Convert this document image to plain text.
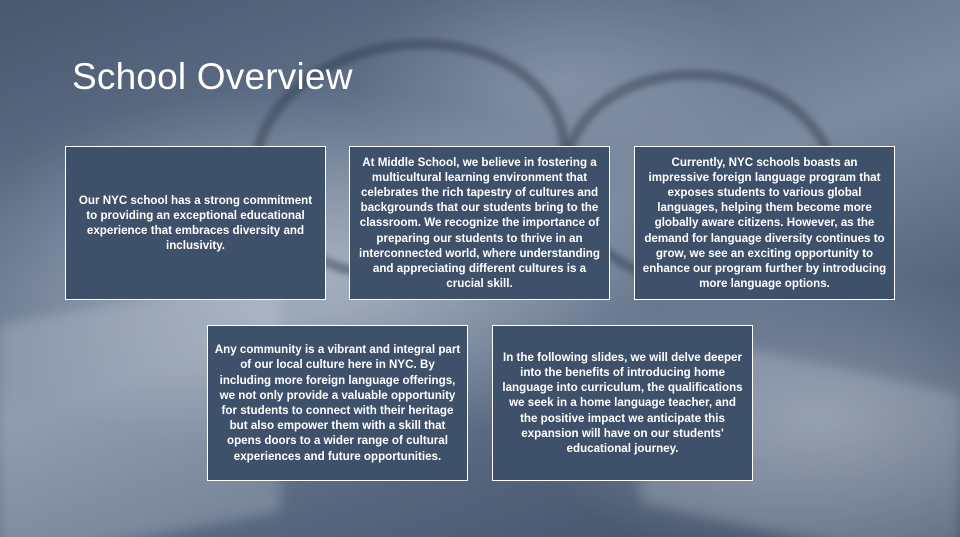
School Overview

Our NYC school has a strong commitment to providing an exceptional educational experience that embraces diversity and inclusivity.

At Middle School, we believe in fostering a multicultural learning environment that celebrates the rich tapestry of cultures and backgrounds that our students bring to the classroom. We recognize the importance of preparing our students to thrive in an interconnected world, where understanding and appreciating different cultures is a crucial skill.

Currently, NYC schools boasts an impressive foreign language program that exposes students to various global languages, helping them become more globally aware citizens. However, as the demand for language diversity continues to grow, we see an exciting opportunity to enhance our program further by introducing more language options.

Any community is a vibrant and integral part of our local culture here in NYC. By including more foreign language offerings, we not only provide a valuable opportunity for students to connect with their heritage but also empower them with a skill that opens doors to a wider range of cultural experiences and future opportunities.

In the following slides, we will delve deeper into the benefits of introducing home language into curriculum, the qualifications we seek in a home language teacher, and the positive impact we anticipate this expansion will have on our students' educational journey.
